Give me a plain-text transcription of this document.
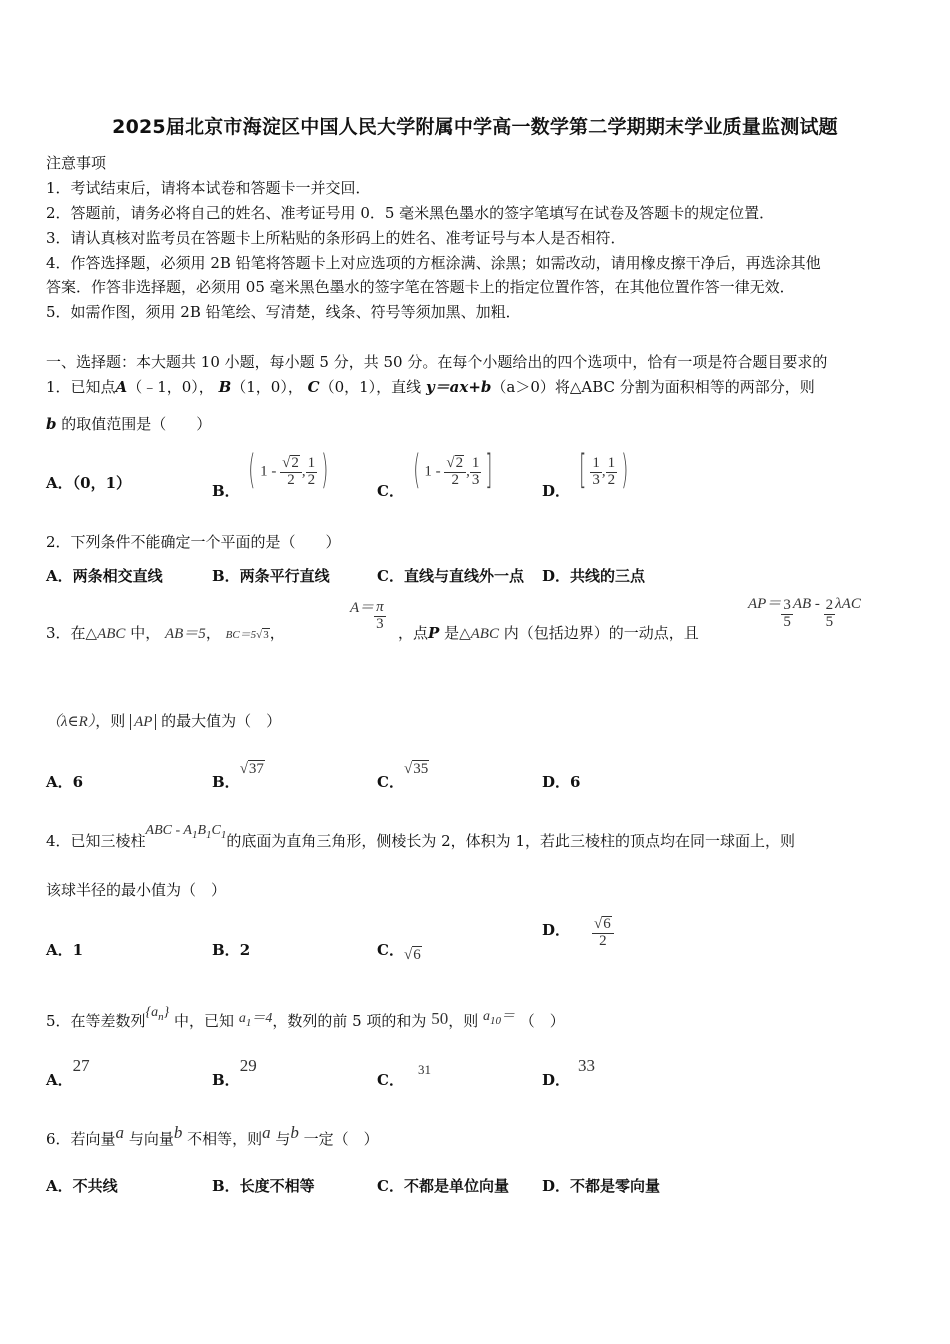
2025届北京市海淀区中国人民大学附属中学高一数学第二学期期末学业质量监测试题
注意事项
1．考试结束后，请将本试卷和答题卡一并交回．
2．答题前，请务必将自己的姓名、准考证号用 0．5 毫米黑色墨水的签字笔填写在试卷及答题卡的规定位置．
3．请认真核对监考员在答题卡上所粘贴的条形码上的姓名、准考证号与本人是否相符．
4．作答选择题，必须用 2B 铅笔将答题卡上对应选项的方框涂满、涂黑；如需改动，请用橡皮擦干净后，再选涂其他
答案．作答非选择题，必须用 05 毫米黑色墨水的签字笔在答题卡上的指定位置作答，在其他位置作答一律无效．
5．如需作图，须用 2B 铅笔绘、写清楚，线条、符号等须加黑、加粗．
一、选择题：本大题共 10 小题，每小题 5 分，共 50 分。在每个小题给出的四个选项中，恰有一项是符合题目要求的
1．已知点A（﹣1，0）， B（1，0）， C（0，1），直线 y＝ax+b（a＞0）将△ABC 分割为面积相等的两部分，则
b 的取值范围是（　　）
A．（0，1）	B． ( $1 - \frac{√2}{2}$ , $\frac{1}{2}$ )	C． ( $1 - \frac{√2}{2}$ , $\frac{1}{3}$ ]	D． [ $\frac{1}{3}$ , $\frac{1}{2}$ )
2．下列条件不能确定一个平面的是（　　）
A．两条相交直线	B．两条平行直线	C．直线与直线外一点 D．共线的三点
3．在△ABC 中， AB＝5， BC＝5√3，
$A= \frac{\pi}{3}$
，点P 是△ABC 内（包括边界）的一动点，且
$AP= \frac{3}{5}$ AB - $\frac{2}{5}$ λAC
（λ∈R），则 AP 的最大值为（　）
A．6	B．√37
C．√35
D．6
4．已知三棱柱ABC - $A_1B_1C_1$的底面为直角三角形，侧棱长为 2，体积为 1，若此三棱柱的顶点均在同一球面上，则
该球半径的最小值为（　）
A．1	B．2	C．√6
D． $\frac{√6}{2}$
5．在等差数列$\{a_n\}$ 中，已知 $a_1=4$，数列的前 5 项的和为 50，则 $a_{10}=$ （　）
A．27
B．29
C．31
D．33
6．若向量a 与向量b 不相等，则a 与b 一定（　）
A．不共线	B．长度不相等	C．不都是单位向量 D．不都是零向量
